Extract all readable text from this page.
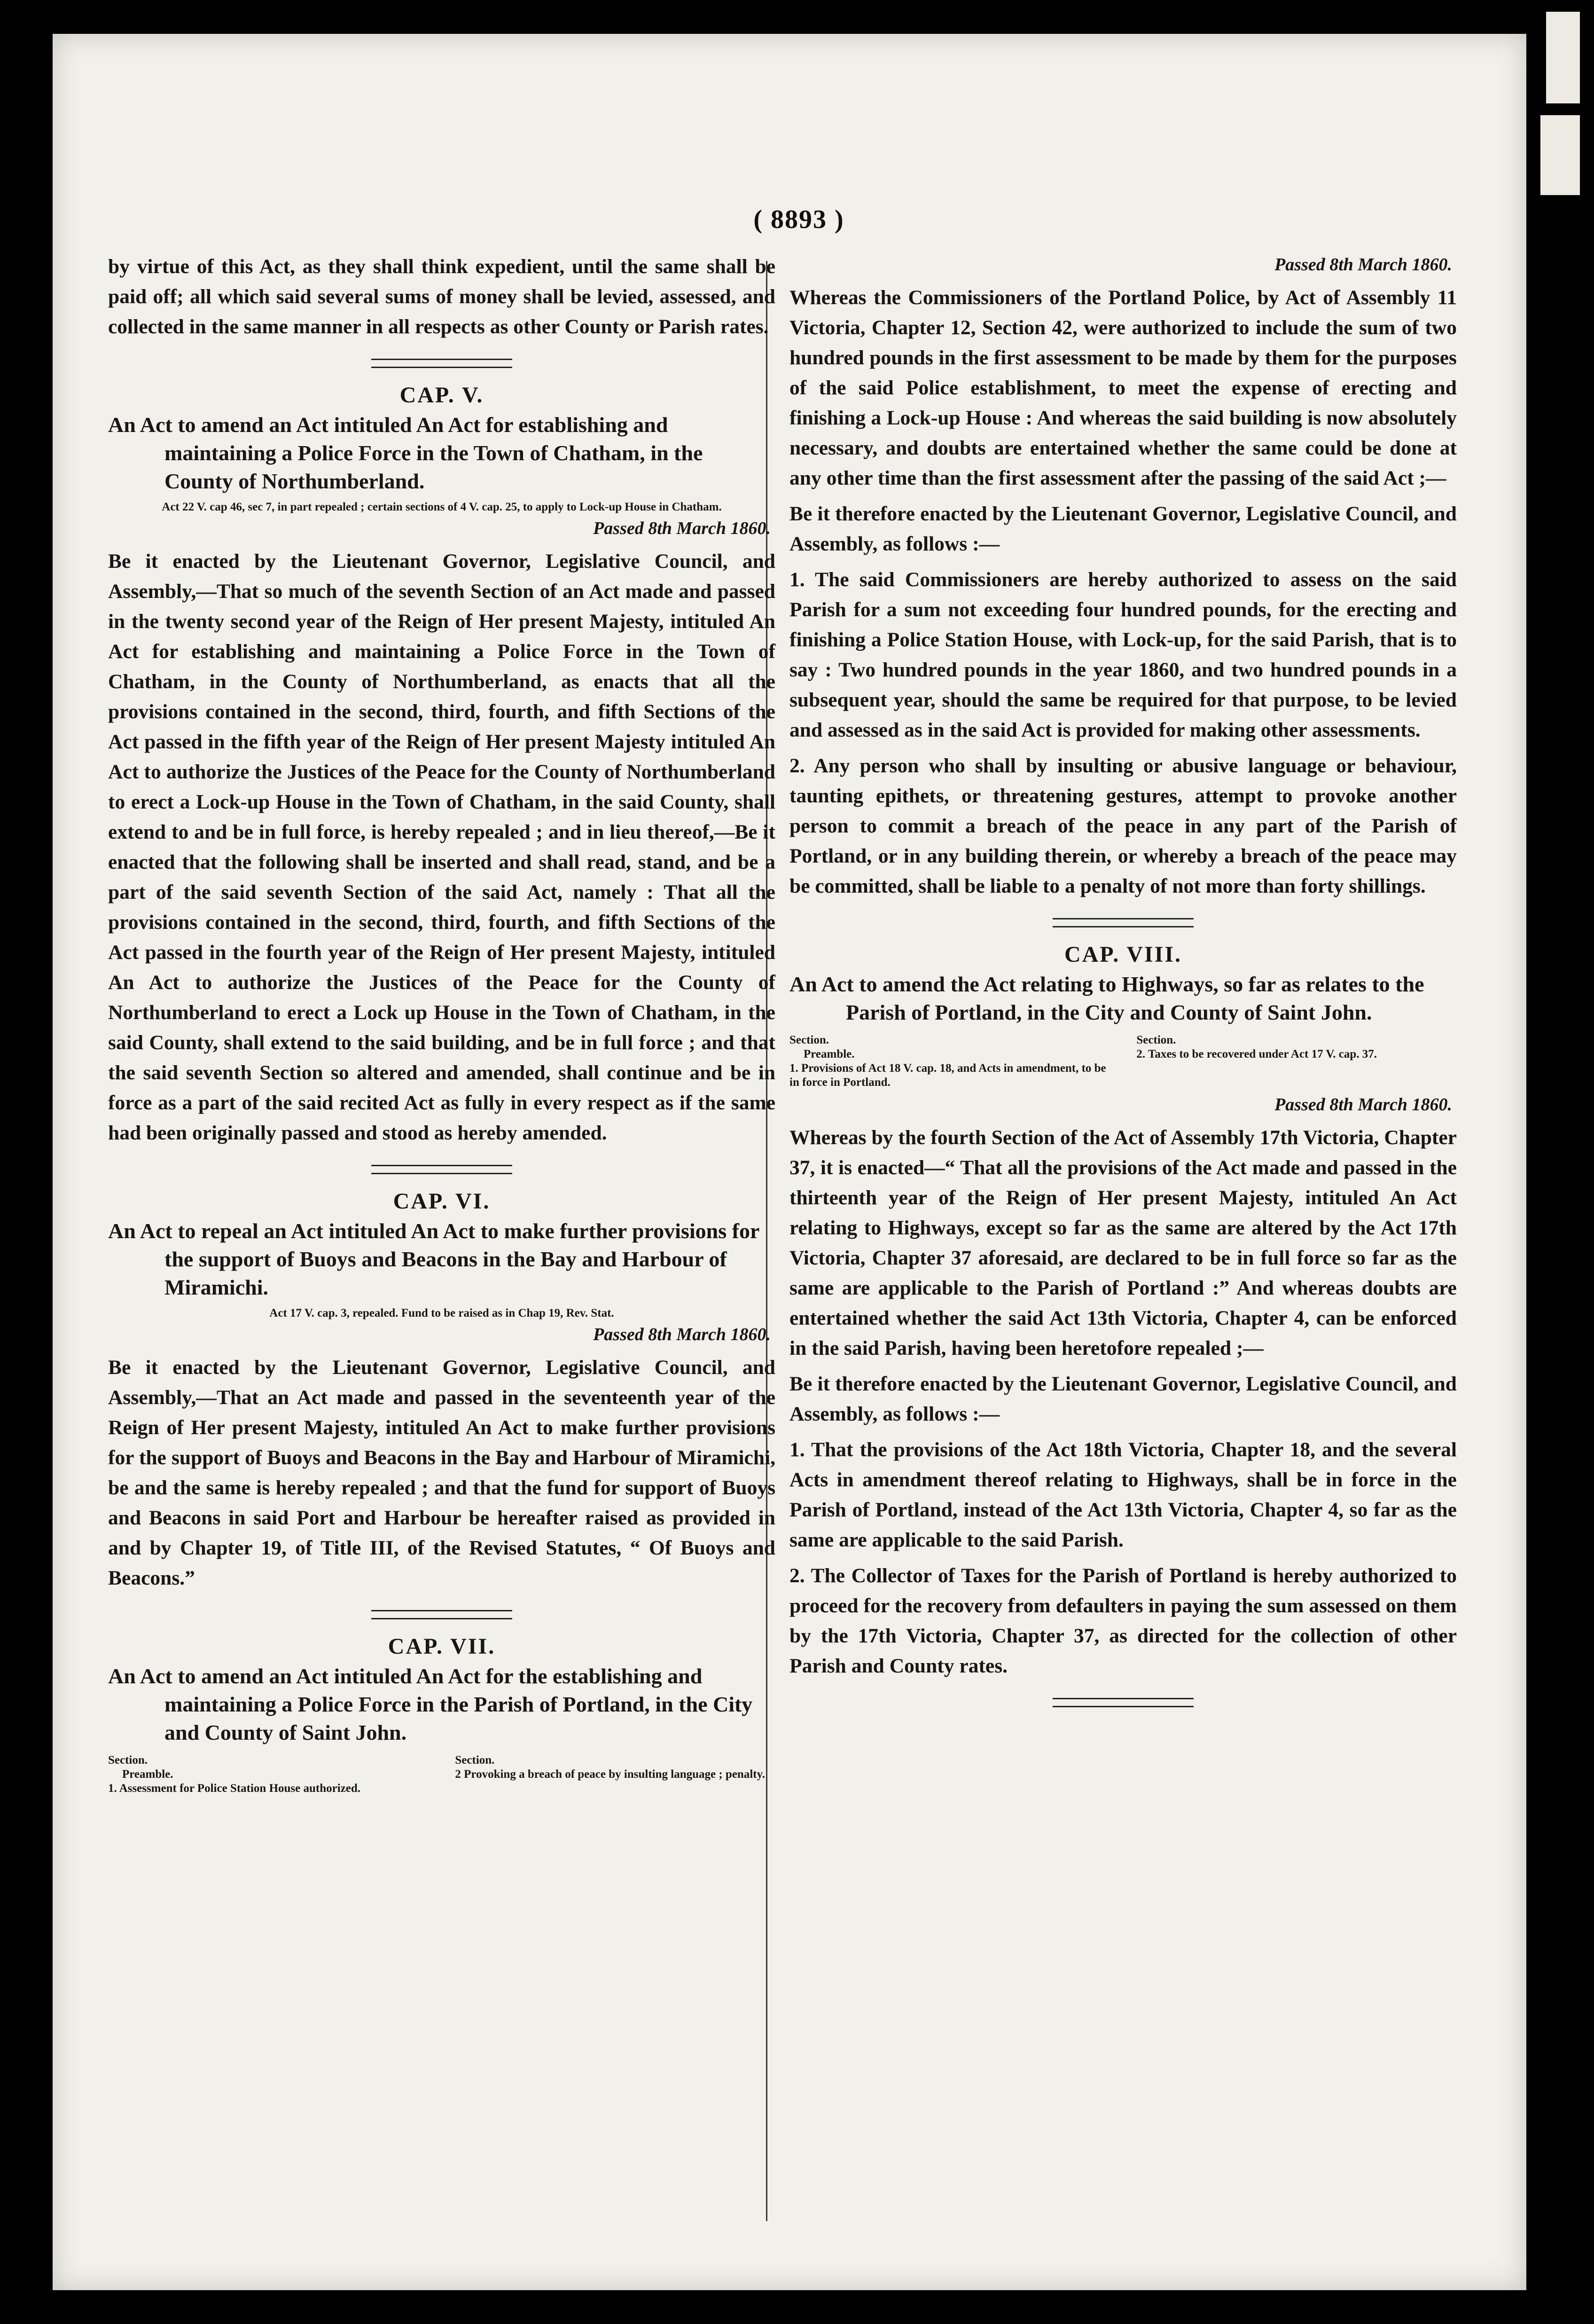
( 8893 )

by virtue of this Act, as they shall think expedient, until the same shall be paid off; all which said several sums of money shall be levied, assessed, and collected in the same manner in all respects as other County or Parish rates.

CAP. V.
An Act to amend an Act intituled An Act for establishing and maintaining a Police Force in the Town of Chatham, in the County of Northumberland.
Act 22 V. cap 46, sec 7, in part repealed ; certain sections of 4 V. cap. 25, to apply to Lock-up House in Chatham.
Passed 8th March 1860.

Be it enacted by the Lieutenant Governor, Legislative Council, and Assembly,—That so much of the seventh Section of an Act made and passed in the twenty second year of the Reign of Her present Majesty, intituled An Act for establishing and maintaining a Police Force in the Town of Chatham, in the County of Northumberland, as enacts that all the provisions contained in the second, third, fourth, and fifth Sections of the Act passed in the fifth year of the Reign of Her present Majesty intituled An Act to authorize the Justices of the Peace for the County of Northumberland to erect a Lock-up House in the Town of Chatham, in the said County, shall extend to and be in full force, is hereby repealed ; and in lieu thereof,—Be it enacted that the following shall be inserted and shall read, stand, and be a part of the said seventh Section of the said Act, namely : That all the provisions contained in the second, third, fourth, and fifth Sections of the Act passed in the fourth year of the Reign of Her present Majesty, intituled An Act to authorize the Justices of the Peace for the County of Northumberland to erect a Lock up House in the Town of Chatham, in the said County, shall extend to the said building, and be in full force ; and that the said seventh Section so altered and amended, shall continue and be in force as a part of the said recited Act as fully in every respect as if the same had been originally passed and stood as hereby amended.

CAP. VI.
An Act to repeal an Act intituled An Act to make further provisions for the support of Buoys and Beacons in the Bay and Harbour of Miramichi.
Act 17 V. cap. 3, repealed. Fund to be raised as in Chap 19, Rev. Stat.
Passed 8th March 1860.

Be it enacted by the Lieutenant Governor, Legislative Council, and Assembly,—That an Act made and passed in the seventeenth year of the Reign of Her present Majesty, intituled An Act to make further provisions for the support of Buoys and Beacons in the Bay and Harbour of Miramichi, be and the same is hereby repealed ; and that the fund for support of Buoys and Beacons in said Port and Harbour be hereafter raised as provided in and by Chapter 19, of Title III, of the Revised Statutes, “ Of Buoys and Beacons.”

CAP. VII.
An Act to amend an Act intituled An Act for the establishing and maintaining a Police Force in the Parish of Portland, in the City and County of Saint John.
Section.
Preamble.
1. Assessment for Police Station House authorized.
Section.
2 Provoking a breach of peace by insulting language ; penalty.
Passed 8th March 1860.

Whereas the Commissioners of the Portland Police, by Act of Assembly 11 Victoria, Chapter 12, Section 42, were authorized to include the sum of two hundred pounds in the first assessment to be made by them for the purposes of the said Police establishment, to meet the expense of erecting and finishing a Lock-up House : And whereas the said building is now absolutely necessary, and doubts are entertained whether the same could be done at any other time than the first assessment after the passing of the said Act ;—

Be it therefore enacted by the Lieutenant Governor, Legislative Council, and Assembly, as follows :—

1. The said Commissioners are hereby authorized to assess on the said Parish for a sum not exceeding four hundred pounds, for the erecting and finishing a Police Station House, with Lock-up, for the said Parish, that is to say : Two hundred pounds in the year 1860, and two hundred pounds in a subsequent year, should the same be required for that purpose, to be levied and assessed as in the said Act is provided for making other assessments.

2. Any person who shall by insulting or abusive language or behaviour, taunting epithets, or threatening gestures, attempt to provoke another person to commit a breach of the peace in any part of the Parish of Portland, or in any building therein, or whereby a breach of the peace may be committed, shall be liable to a penalty of not more than forty shillings.

CAP. VIII.
An Act to amend the Act relating to Highways, so far as relates to the Parish of Portland, in the City and County of Saint John.
Section.
Preamble.
1. Provisions of Act 18 V. cap. 18, and Acts in amendment, to be in force in Portland.
Section.
2. Taxes to be recovered under Act 17 V. cap. 37.
Passed 8th March 1860.

Whereas by the fourth Section of the Act of Assembly 17th Victoria, Chapter 37, it is enacted—“ That all the provisions of the Act made and passed in the thirteenth year of the Reign of Her present Majesty, intituled An Act relating to Highways, except so far as the same are altered by the Act 17th Victoria, Chapter 37 aforesaid, are declared to be in full force so far as the same are applicable to the Parish of Portland :” And whereas doubts are entertained whether the said Act 13th Victoria, Chapter 4, can be enforced in the said Parish, having been heretofore repealed ;—

Be it therefore enacted by the Lieutenant Governor, Legislative Council, and Assembly, as follows :—

1. That the provisions of the Act 18th Victoria, Chapter 18, and the several Acts in amendment thereof relating to Highways, shall be in force in the Parish of Portland, instead of the Act 13th Victoria, Chapter 4, so far as the same are applicable to the said Parish.

2. The Collector of Taxes for the Parish of Portland is hereby authorized to proceed for the recovery from defaulters in paying the sum assessed on them by the 17th Victoria, Chapter 37, as directed for the collection of other Parish and County rates.
